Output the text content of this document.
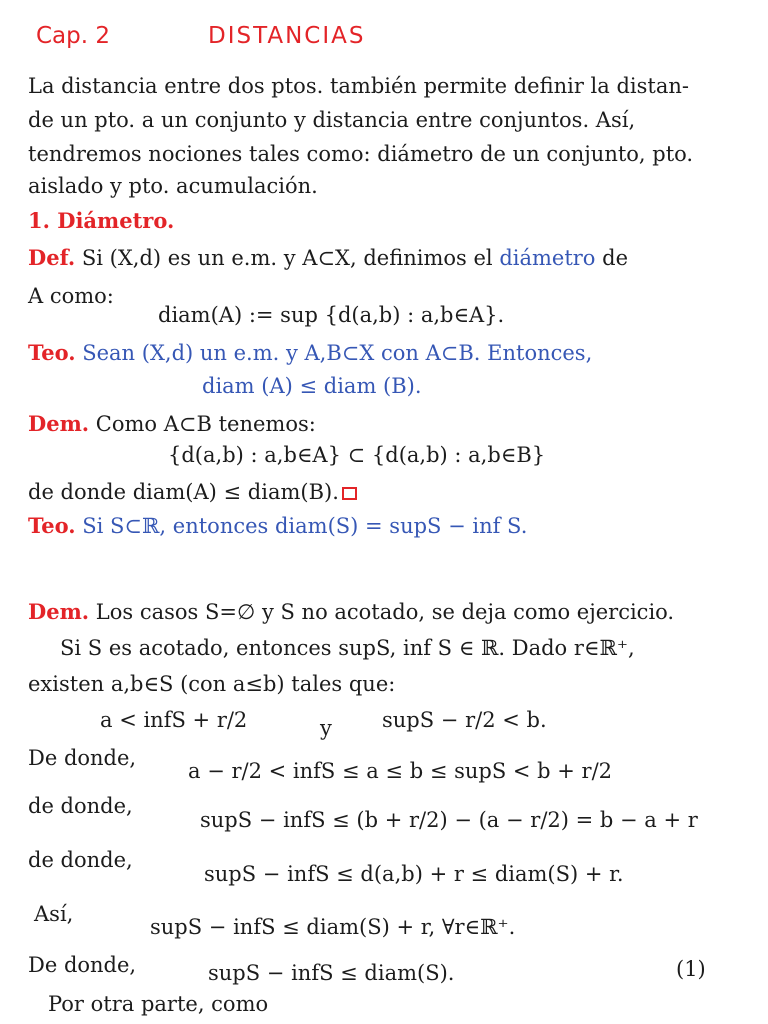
Cap. 2	DISTANCIAS
La distancia entre dos ptos. también permite definir la distan-
de un pto. a un conjunto y distancia entre conjuntos. Así,
tendremos nociones tales como: diámetro de un conjunto, pto.
aislado y pto. acumulación.
1. Diámetro.
Def. Si (X,d) es un e.m. y A⊂X, definimos el diámetro de
A como:
diam(A) := sup {d(a,b) : a,b∈A}.
Teo. Sean (X,d) un e.m. y A,B⊂X con A⊂B. Entonces,
diam (A) ≤ diam (B).
Dem. Como A⊂B tenemos:
{d(a,b) : a,b∈A} ⊂ {d(a,b) : a,b∈B}
de donde diam(A) ≤ diam(B).
Teo. Si S⊂ℝ, entonces diam(S) = supS − inf S.
Dem. Los casos S=∅ y S no acotado, se deja como ejercicio.
Si S es acotado, entonces supS, inf S ∈ ℝ. Dado r∈ℝ⁺,
existen a,b∈S (con a≤b) tales que:
a < infS + r/2	y supS − r/2 < b.
De donde,
a − r/2 < infS ≤ a ≤ b ≤ supS < b + r/2
de donde,
supS − infS ≤ (b + r/2) − (a − r/2) = b − a + r
de donde,
supS − infS ≤ d(a,b) + r ≤ diam(S) + r.
Así,
supS − infS ≤ diam(S) + r, ∀r∈ℝ⁺.
De donde,	supS − infS ≤ diam(S).	(1)
Por otra parte, como
